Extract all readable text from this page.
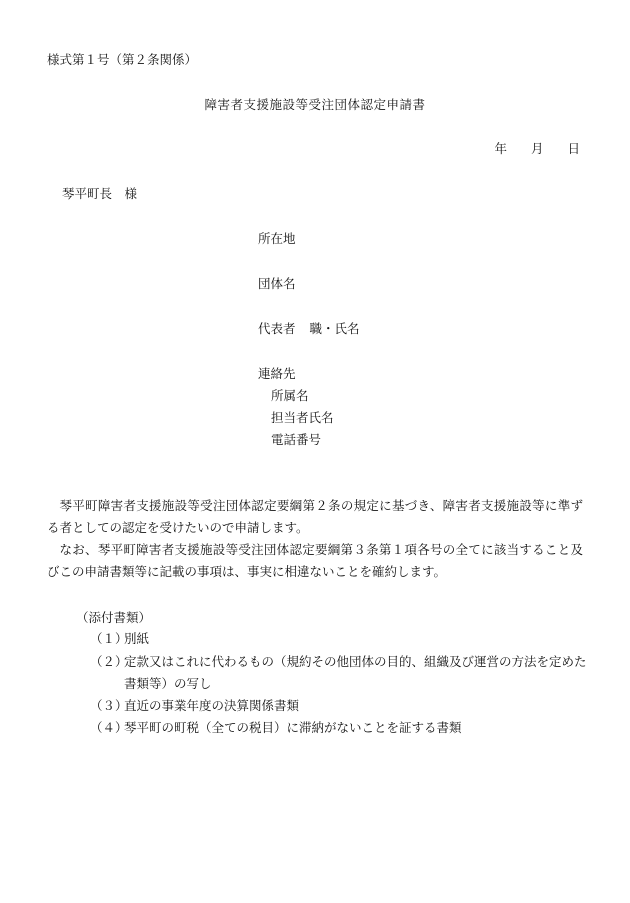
様式第１号（第２条関係）
障害者支援施設等受注団体認定申請書
年 月 日
琴平町長　様
所在地
団体名
代表者 職・氏名
連絡先
所属名
担当者氏名
電話番号

琴平町障害者支援施設等受注団体認定要綱第２条の規定に基づき、障害者支援施設等に準ずる者としての認定を受けたいので申請します。

なお、琴平町障害者支援施設等受注団体認定要綱第３条第１項各号の全てに該当すること及びこの申請書類等に記載の事項は、事実に相違ないことを確約します。

（添付書類）
（１）別紙
（２）定款又はこれに代わるもの（規約その他団体の目的、組織及び運営の方法を定めた
書類等）の写し
（３）直近の事業年度の決算関係書類
（４）琴平町の町税（全ての税目）に滞納がないことを証する書類
